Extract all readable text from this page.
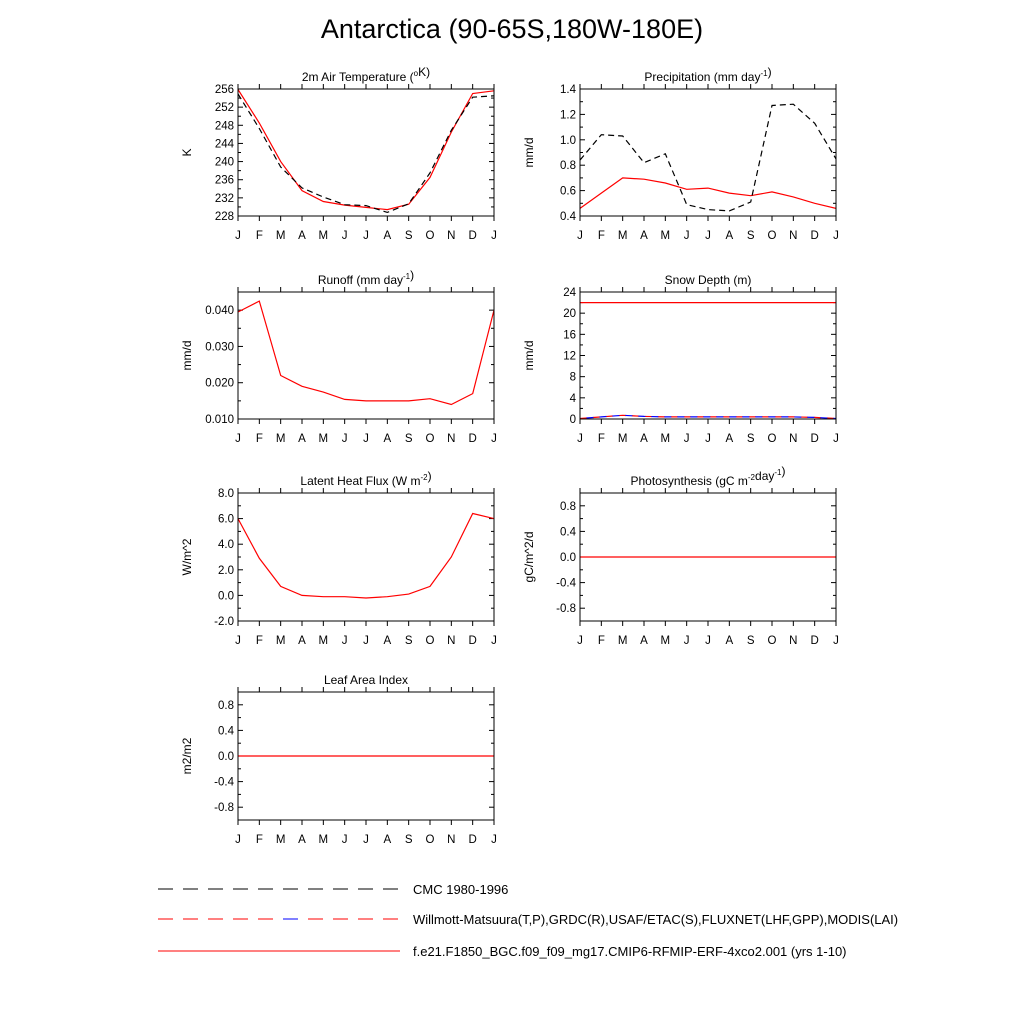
Antarctica (90-65S,180W-180E)
2m Air Temperature ($^o$K)
K
228
232
236
240
244
248
252
256
J F M A M J J A S O N D J
Precipitation (mm day$^{-1}$)
mm/d
0.4
0.6
0.8
1.0
1.2
1.4
J F M A M J J A S O N D J
Runoff (mm day$^{-1}$)
mm/d
0.010
0.020
0.030
0.040
J F M A M J J A S O N D J
Snow Depth (m)
mm/d
0
4
8
12
16
20
24
J F M A M J J A S O N D J
Latent Heat Flux (W $m^{-2}$)
W/m^2
-2.0
0.0
2.0
4.0
6.0
8.0
J F M A M J J A S O N D J
Photosynthesis (gC $m^{-2}day^{-1}$)
gC/m^2/d
-0.8
-0.4
0.0
0.4
0.8
J F M A M J J A S O N D J
Leaf Area Index
m2/m2
-0.8
-0.4
0.0
0.4
0.8
J F M A M J J A S O N D J
CMC 1980-1996
Willmott-Matsuura(T,P),GRDC(R),USAF/ETAC(S),FLUXNET(LHF,GPP),MODIS(LAI)
f.e21.F1850_BGC.f09_f09_mg17.CMIP6-RFMIP-ERF-4xco2.001 (yrs 1-10)
